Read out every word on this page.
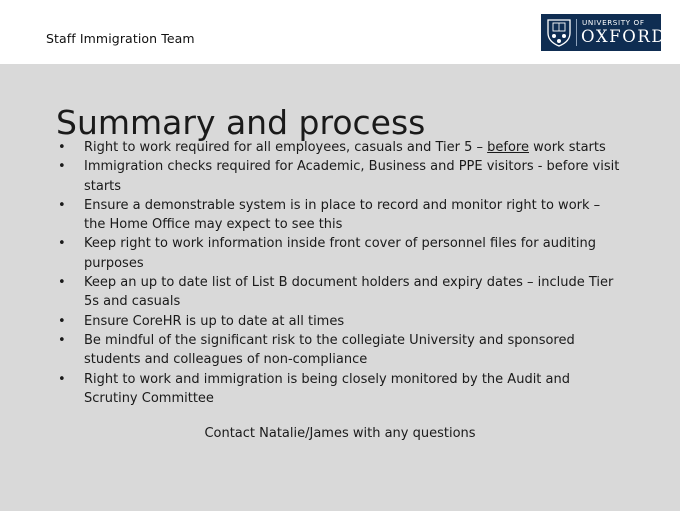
Staff Immigration Team
UNIVERSITY OF
OXFORD
Summary and process
• Right to work required for all employees, casuals and Tier 5 – before work starts
• Immigration checks required for Academic, Business and PPE visitors - before visit starts
• Ensure a demonstrable system is in place to record and monitor right to work – the Home Office may expect to see this
• Keep right to work information inside front cover of personnel files for auditing purposes
• Keep an up to date list of List B document holders and expiry dates – include Tier 5s and casuals
• Ensure CoreHR is up to date at all times
• Be mindful of the significant risk to the collegiate University and sponsored students and colleagues of non-compliance
• Right to work and immigration is being closely monitored by the Audit and Scrutiny Committee
Contact Natalie/James with any questions
